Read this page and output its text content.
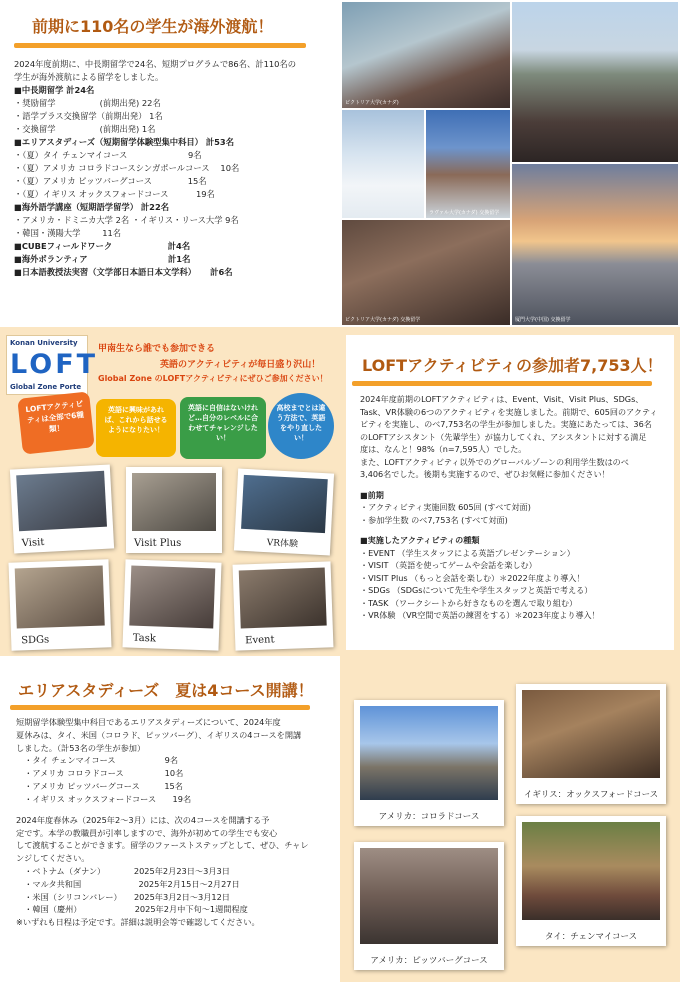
前期に110名の学生が海外渡航！
2024年度前期に、中長期留学で24名、短期プログラムで86名、計110名の
学生が海外渡航による留学をしました。
■中長期留学 計24名
・奨励留学 　　　　　(前期出発) 22名
・語学プラス交換留学（前期出発） 1名
・交換留学 　　　　　(前期出発) 1名
■エリアスタディーズ（短期留学体験型集中科目） 計53名
・（夏）タイ チェンマイコース　　　　　　　 9名
・（夏）アメリカ コロラドコースシンガポールコース　 10名
・（夏）アメリカ ピッツバーグコース　　　　 15名
・（夏）イギリス オックスフォードコース　　　 19名
■海外語学講座（短期語学留学） 計22名
・アメリカ・ドミニカ大学 2名 ・イギリス・リース大学 9名
・韓国・漢陽大学 　　 11名
■CUBEフィールドワーク 　　　　　　 計4名
■海外ボランティア 　　　　　　　　　 計1名
■日本語教授法実習（文学部日本語日本文学科） 　 計6名
ビクトリア大学(カナダ)
ラヴァル大学(カナダ) 交換留学
ビクトリア大学(カナダ) 交換留学	厦門大学(中国) 交換留学
Konan University
LOFT
Global Zone Porte
甲南生なら誰でも参加できる
英語のアクティビティが毎日盛り沢山！
Global Zone のLOFTアクティビティにぜひご参加ください！
LOFTアクティビティは全部で6種類！
英語に興味があれば、これから話せるようになりたい！
英語に自信はないけれど…自分のレベルに合わせてチャレンジしたい！
高校までとは違う方法で、英語をやり直したい！
Visit	Visit Plus	VR体験
SDGs	Task	Event
LOFTアクティビティの参加者7,753人！
2024年度前期のLOFTアクティビティは、Event、Visit、Visit Plus、SDGs、
Task、VR体験の6つのアクティビティを実施しました。前期で、605回のアクティ
ビティを実施し、のべ7,753名の学生が参加しました。実施にあたっては、36名
のLOFTアシスタント（先輩学生）が協力してくれ、アシスタントに対する満足
度は、なんと！98%（n=7,595人）でした。
また、LOFTアクティビティ以外でのグローバルゾーンの利用学生数はのべ
3,406名でした。後期も実施するので、ぜひお気軽に参加ください！
■前期
・アクティビティ実施回数 605回 (すべて対面)
・参加学生数 のべ7,753名 (すべて対面)
■実施したアクティビティの種類
・EVENT （学生スタッフによる英語プレゼンテーション）
・VISIT （英語を使ってゲームや会話を楽しむ）
・VISIT Plus （もっと会話を楽しむ）＊2022年度より導入！
・SDGs （SDGsについて先生や学生スタッフと英語で考える）
・TASK （ワークシートから好きなものを選んで取り組む）
・VR体験 （VR空間で英語の練習をする）＊2023年度より導入！
エリアスタディーズ　夏は4コース開講！
短期留学体験型集中科目であるエリアスタディーズについて、2024年度
夏休みは、タイ、米国（コロラド、ピッツバーグ）、イギリスの4コースを開講
しました。（計53名の学生が参加）
　・タイ チェンマイコース　　　　　　9名
　・アメリカ コロラドコース　　　　　10名
　・アメリカ ピッツバーグコース　　　15名
　・イギリス オックスフォードコース　　19名
2024年度春休み（2025年2～3月）には、次の4コースを開講する予
定です。本学の教職員が引率しますので、海外が初めての学生でも安心
して渡航することができます。留学のファーストステップとして、ぜひ、チャレ
ンジしてください。
　・ベトナム（ダナン）　　　　2025年2月23日～3月3日
　・マルタ共和国　　　　　　　2025年2月15日～2月27日
　・米国（シリコンバレー）　　2025年3月2日～3月12日
　・韓国（慶州）　　　　　　　2025年2月中下旬～1週間程度
※いずれも日程は予定です。詳細は説明会等で確認してください。
イギリス：オックスフォードコース
アメリカ：コロラドコース
タイ：チェンマイコース
アメリカ：ピッツバーグコース
